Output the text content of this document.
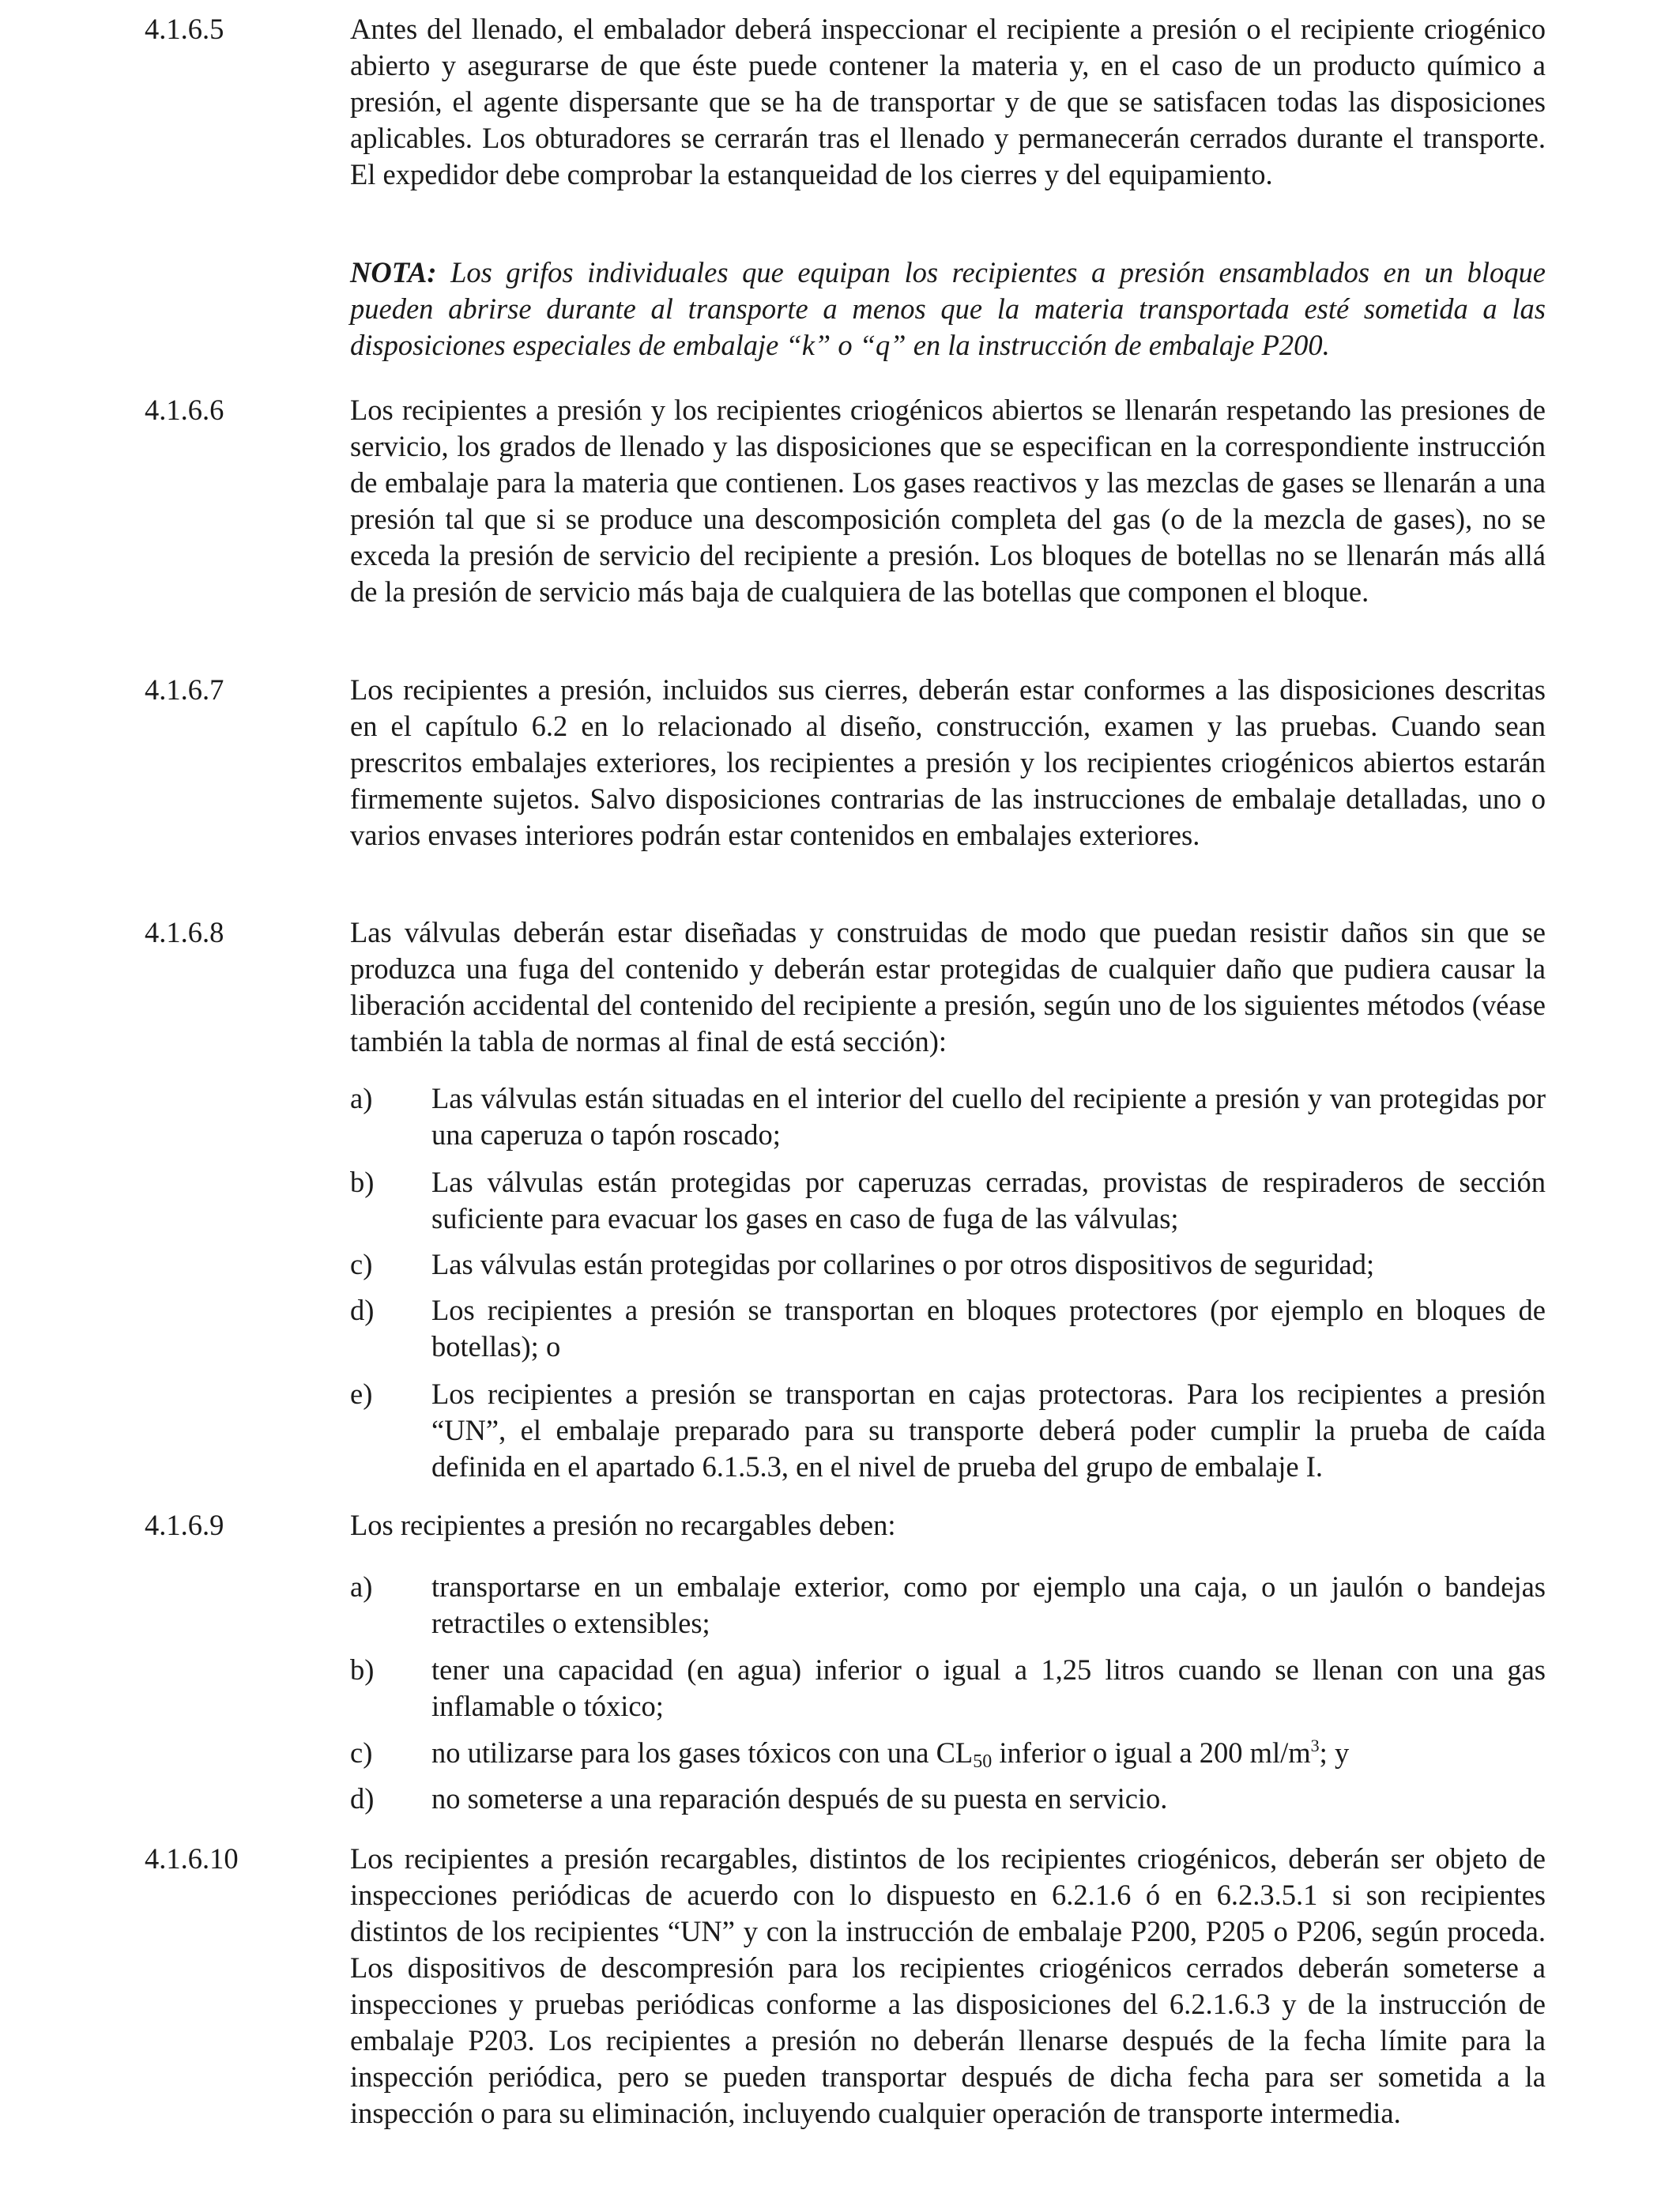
4.1.6.5	Antes del llenado, el embalador deberá inspeccionar el recipiente a presión o el recipiente criogénico abierto y asegurarse de que éste puede contener la materia y, en el caso de un producto químico a presión, el agente dispersante que se ha de transportar y de que se satisfacen todas las disposiciones aplicables. Los obturadores se cerrarán tras el llenado y permanecerán cerrados durante el transporte. El expedidor debe comprobar la estanqueidad de los cierres y del equipamiento.

NOTA: Los grifos individuales que equipan los recipientes a presión ensamblados en un bloque pueden abrirse durante al transporte a menos que la materia transportada esté sometida a las disposiciones especiales de embalaje “k” o “q” en la instrucción de embalaje P200.

4.1.6.6	Los recipientes a presión y los recipientes criogénicos abiertos se llenarán respetando las presiones de servicio, los grados de llenado y las disposiciones que se especifican en la correspondiente instrucción de embalaje para la materia que contienen. Los gases reactivos y las mezclas de gases se llenarán a una presión tal que si se produce una descomposición completa del gas (o de la mezcla de gases), no se exceda la presión de servicio del recipiente a presión. Los bloques de botellas no se llenarán más allá de la presión de servicio más baja de cualquiera de las botellas que componen el bloque.

4.1.6.7	Los recipientes a presión, incluidos sus cierres, deberán estar conformes a las disposiciones descritas en el capítulo 6.2 en lo relacionado al diseño, construcción, examen y las pruebas. Cuando sean prescritos embalajes exteriores, los recipientes a presión y los recipientes criogénicos abiertos estarán firmemente sujetos. Salvo disposiciones contrarias de las instrucciones de embalaje detalladas, uno o varios envases interiores podrán estar contenidos en embalajes exteriores.

4.1.6.8	Las válvulas deberán estar diseñadas y construidas de modo que puedan resistir daños sin que se produzca una fuga del contenido y deberán estar protegidas de cualquier daño que pudiera causar la liberación accidental del contenido del recipiente a presión, según uno de los siguientes métodos (véase también la tabla de normas al final de está sección):

a) Las válvulas están situadas en el interior del cuello del recipiente a presión y van protegidas por una caperuza o tapón roscado;
b) Las válvulas están protegidas por caperuzas cerradas, provistas de respiraderos de sección suficiente para evacuar los gases en caso de fuga de las válvulas;
c) Las válvulas están protegidas por collarines o por otros dispositivos de seguridad;
d) Los recipientes a presión se transportan en bloques protectores (por ejemplo en bloques de botellas); o
e) Los recipientes a presión se transportan en cajas protectoras. Para los recipientes a presión “UN”, el embalaje preparado para su transporte deberá poder cumplir la prueba de caída definida en el apartado 6.1.5.3, en el nivel de prueba del grupo de embalaje I.
4.1.6.9	Los recipientes a presión no recargables deben:

a) transportarse en un embalaje exterior, como por ejemplo una caja, o un jaulón o bandejas retractiles o extensibles;
b) tener una capacidad (en agua) inferior o igual a 1,25 litros cuando se llenan con una gas inflamable o tóxico;
c) no utilizarse para los gases tóxicos con una $CL_{50}$ inferior o igual a 200 $ml/m^3$; y
d) no someterse a una reparación después de su puesta en servicio.
4.1.6.10	Los recipientes a presión recargables, distintos de los recipientes criogénicos, deberán ser objeto de inspecciones periódicas de acuerdo con lo dispuesto en 6.2.1.6 ó en 6.2.3.5.1 si son recipientes distintos de los recipientes “UN” y con la instrucción de embalaje P200, P205 o P206, según proceda. Los dispositivos de descompresión para los recipientes criogénicos cerrados deberán someterse a inspecciones y pruebas periódicas conforme a las disposiciones del 6.2.1.6.3 y de la instrucción de embalaje P203. Los recipientes a presión no deberán llenarse después de la fecha límite para la inspección periódica, pero se pueden transportar después de dicha fecha para ser sometida a la inspección o para su eliminación, incluyendo cualquier operación de transporte intermedia.
